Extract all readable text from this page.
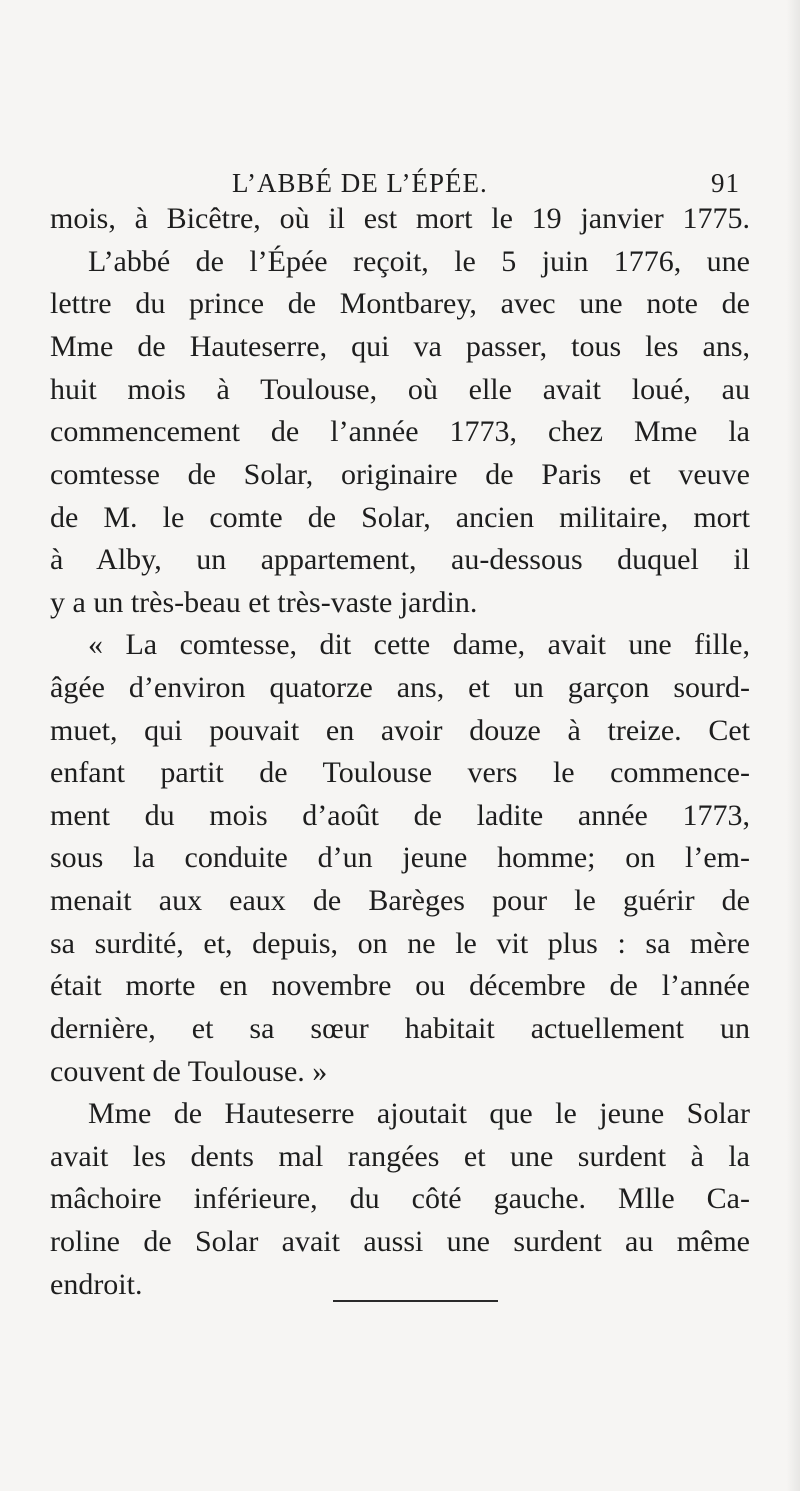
L’ABBÉ DE L’ÉPÉE.	91
mois, à Bicêtre, où il est mort le 19 janvier 1775.
L’abbé de l’Épée reçoit, le 5 juin 1776, une
lettre du prince de Montbarey, avec une note de
Mme de Hauteserre, qui va passer, tous les ans,
huit mois à Toulouse, où elle avait loué, au
commencement de l’année 1773, chez Mme la
comtesse de Solar, originaire de Paris et veuve
de M. le comte de Solar, ancien militaire, mort
à Alby, un appartement, au-dessous duquel il
y a un très-beau et très-vaste jardin.
« La comtesse, dit cette dame, avait une fille,
âgée d’environ quatorze ans, et un garçon sourd-
muet, qui pouvait en avoir douze à treize. Cet
enfant partit de Toulouse vers le commence-
ment du mois d’août de ladite année 1773,
sous la conduite d’un jeune homme; on l’em-
menait aux eaux de Barèges pour le guérir de
sa surdité, et, depuis, on ne le vit plus : sa mère
était morte en novembre ou décembre de l’année
dernière, et sa sœur habitait actuellement un
couvent de Toulouse. »
Mme de Hauteserre ajoutait que le jeune Solar
avait les dents mal rangées et une surdent à la
mâchoire inférieure, du côté gauche. Mlle Ca-
roline de Solar avait aussi une surdent au même
endroit.
